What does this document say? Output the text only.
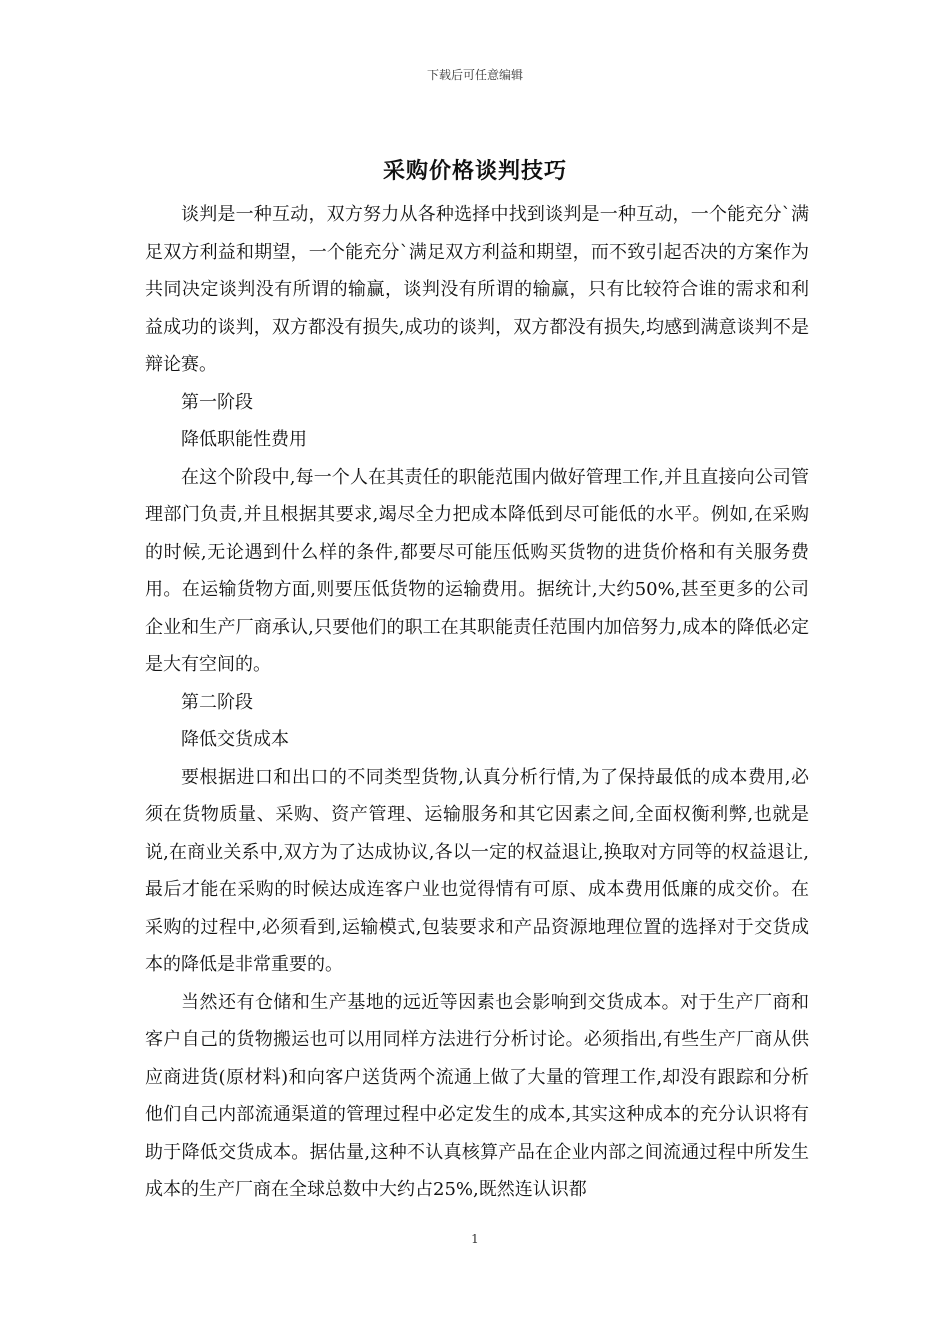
下载后可任意编辑
采购价格谈判技巧

谈判是一种互动，双方努力从各种选择中找到谈判是一种互动，一个能充分`满足双方利益和期望，一个能充分`满足双方利益和期望，而不致引起否决的方案作为共同决定谈判没有所谓的输赢，谈判没有所谓的输赢，只有比较符合谁的需求和利益成功的谈判，双方都没有损失,成功的谈判，双方都没有损失,均感到满意谈判不是辩论赛。

第一阶段

降低职能性费用

在这个阶段中,每一个人在其责任的职能范围内做好管理工作,并且直接向公司管理部门负责,并且根据其要求,竭尽全力把成本降低到尽可能低的水平。例如,在采购的时候,无论遇到什么样的条件,都要尽可能压低购买货物的进货价格和有关服务费用。在运输货物方面,则要压低货物的运输费用。据统计,大约50%,甚至更多的公司企业和生产厂商承认,只要他们的职工在其职能责任范围内加倍努力,成本的降低必定是大有空间的。

第二阶段

降低交货成本

要根据进口和出口的不同类型货物,认真分析行情,为了保持最低的成本费用,必须在货物质量、采购、资产管理、运输服务和其它因素之间,全面权衡利弊,也就是说,在商业关系中,双方为了达成协议,各以一定的权益退让,换取对方同等的权益退让,最后才能在采购的时候达成连客户业也觉得情有可原、成本费用低廉的成交价。在采购的过程中,必须看到,运输模式,包装要求和产品资源地理位置的选择对于交货成本的降低是非常重要的。

当然还有仓储和生产基地的远近等因素也会影响到交货成本。对于生产厂商和客户自己的货物搬运也可以用同样方法进行分析讨论。必须指出,有些生产厂商从供应商进货(原材料)和向客户送货两个流通上做了大量的管理工作,却没有跟踪和分析他们自己内部流通渠道的管理过程中必定发生的成本,其实这种成本的充分认识将有助于降低交货成本。据估量,这种不认真核算产品在企业内部之间流通过程中所发生成本的生产厂商在全球总数中大约占25%,既然连认识都

1
